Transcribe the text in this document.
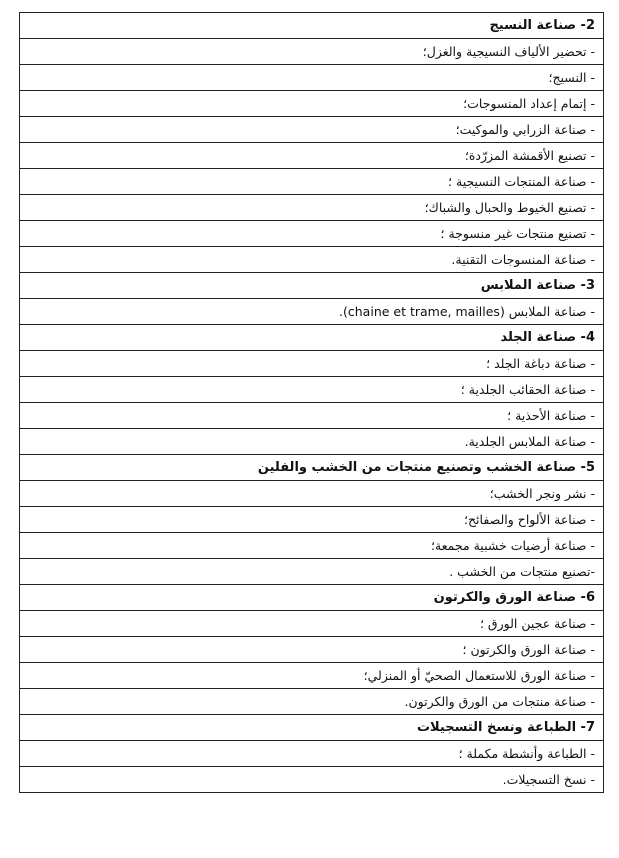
2- صناعة النسيج
- تحضير الألياف النسيجية والغزل؛
- النسيج؛
- إتمام إعداد المنسوجات؛
- صناعة الزرابي والموكيت؛
- تصنيع الأقمشة المزرّدة؛
- صناعة المنتجات النسيجية ؛
- تصنيع الخيوط والحبال والشباك؛
- تصنيع منتجات غير منسوجة ؛
- صناعة المنسوجات التقنية.
3- صناعة الملابس
- صناعة الملابس (chaine et trame, mailles).
4- صناعة الجلد
- صناعة دباغة الجلد ؛
- صناعة الحقائب الجلدية ؛
- صناعة الأحذية ؛
- صناعة الملابس الجلدية.
5- صناعة الخشب وتصنيع منتجات من الخشب والفلين
- نشر ونجر الخشب؛
- صناعة الألواح والصفائح؛
- صناعة أرضيات خشبية مجمعة؛
-تصنيع منتجات من الخشب .
6- صناعة الورق والكرتون
- صناعة عجين الورق ؛
- صناعة الورق والكرتون ؛
- صناعة الورق للاستعمال الصحيّ أو المنزلي؛
- صناعة منتجات من الورق والكرتون.
7- الطباعة ونسخ التسجيلات
- الطباعة وأنشطة مكملة ؛
- نسخ التسجيلات.
